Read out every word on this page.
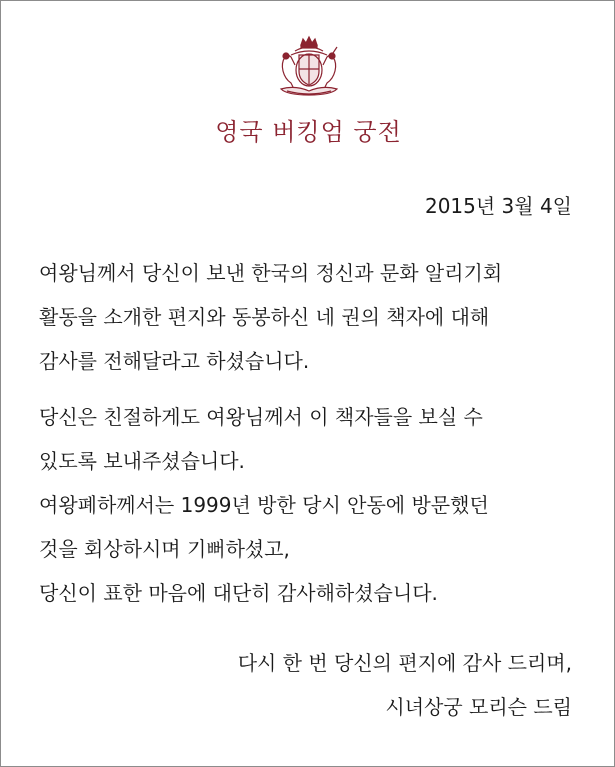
영국 버킹엄 궁전
2015년 3월 4일
여왕님께서 당신이 보낸 한국의 정신과 문화 알리기회
활동을 소개한 편지와 동봉하신 네 권의 책자에 대해
감사를 전해달라고 하셨습니다.
당신은 친절하게도 여왕님께서 이 책자들을 보실 수
있도록 보내주셨습니다.
여왕폐하께서는 1999년 방한 당시 안동에 방문했던
것을 회상하시며 기뻐하셨고,
당신이 표한 마음에 대단히 감사해하셨습니다.
다시 한 번 당신의 편지에 감사 드리며,
시녀상궁 모리슨 드림
